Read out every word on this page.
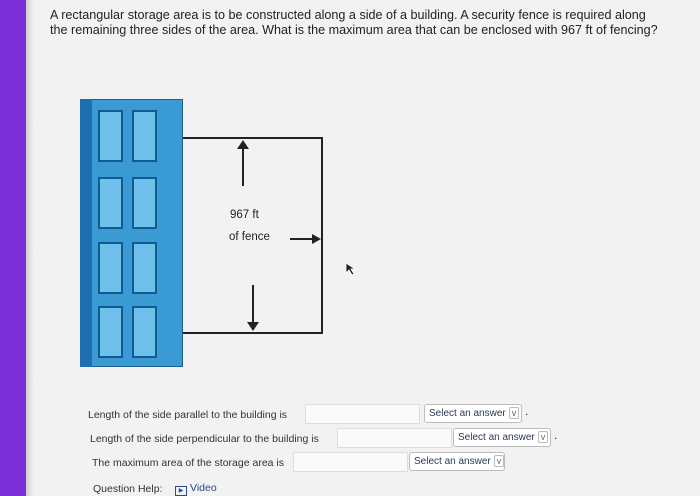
A rectangular storage area is to be constructed along a side of a building. A security fence is required along the remaining three sides of the area. What is the maximum area that can be enclosed with 967 ft of fencing?
967 ft
of fence
Length of the side parallel to the building is	Select an answer v .
Length of the side perpendicular to the building is	Select an answer v .
The maximum area of the storage area is	Select an answer v
Question Help:	▶ Video
